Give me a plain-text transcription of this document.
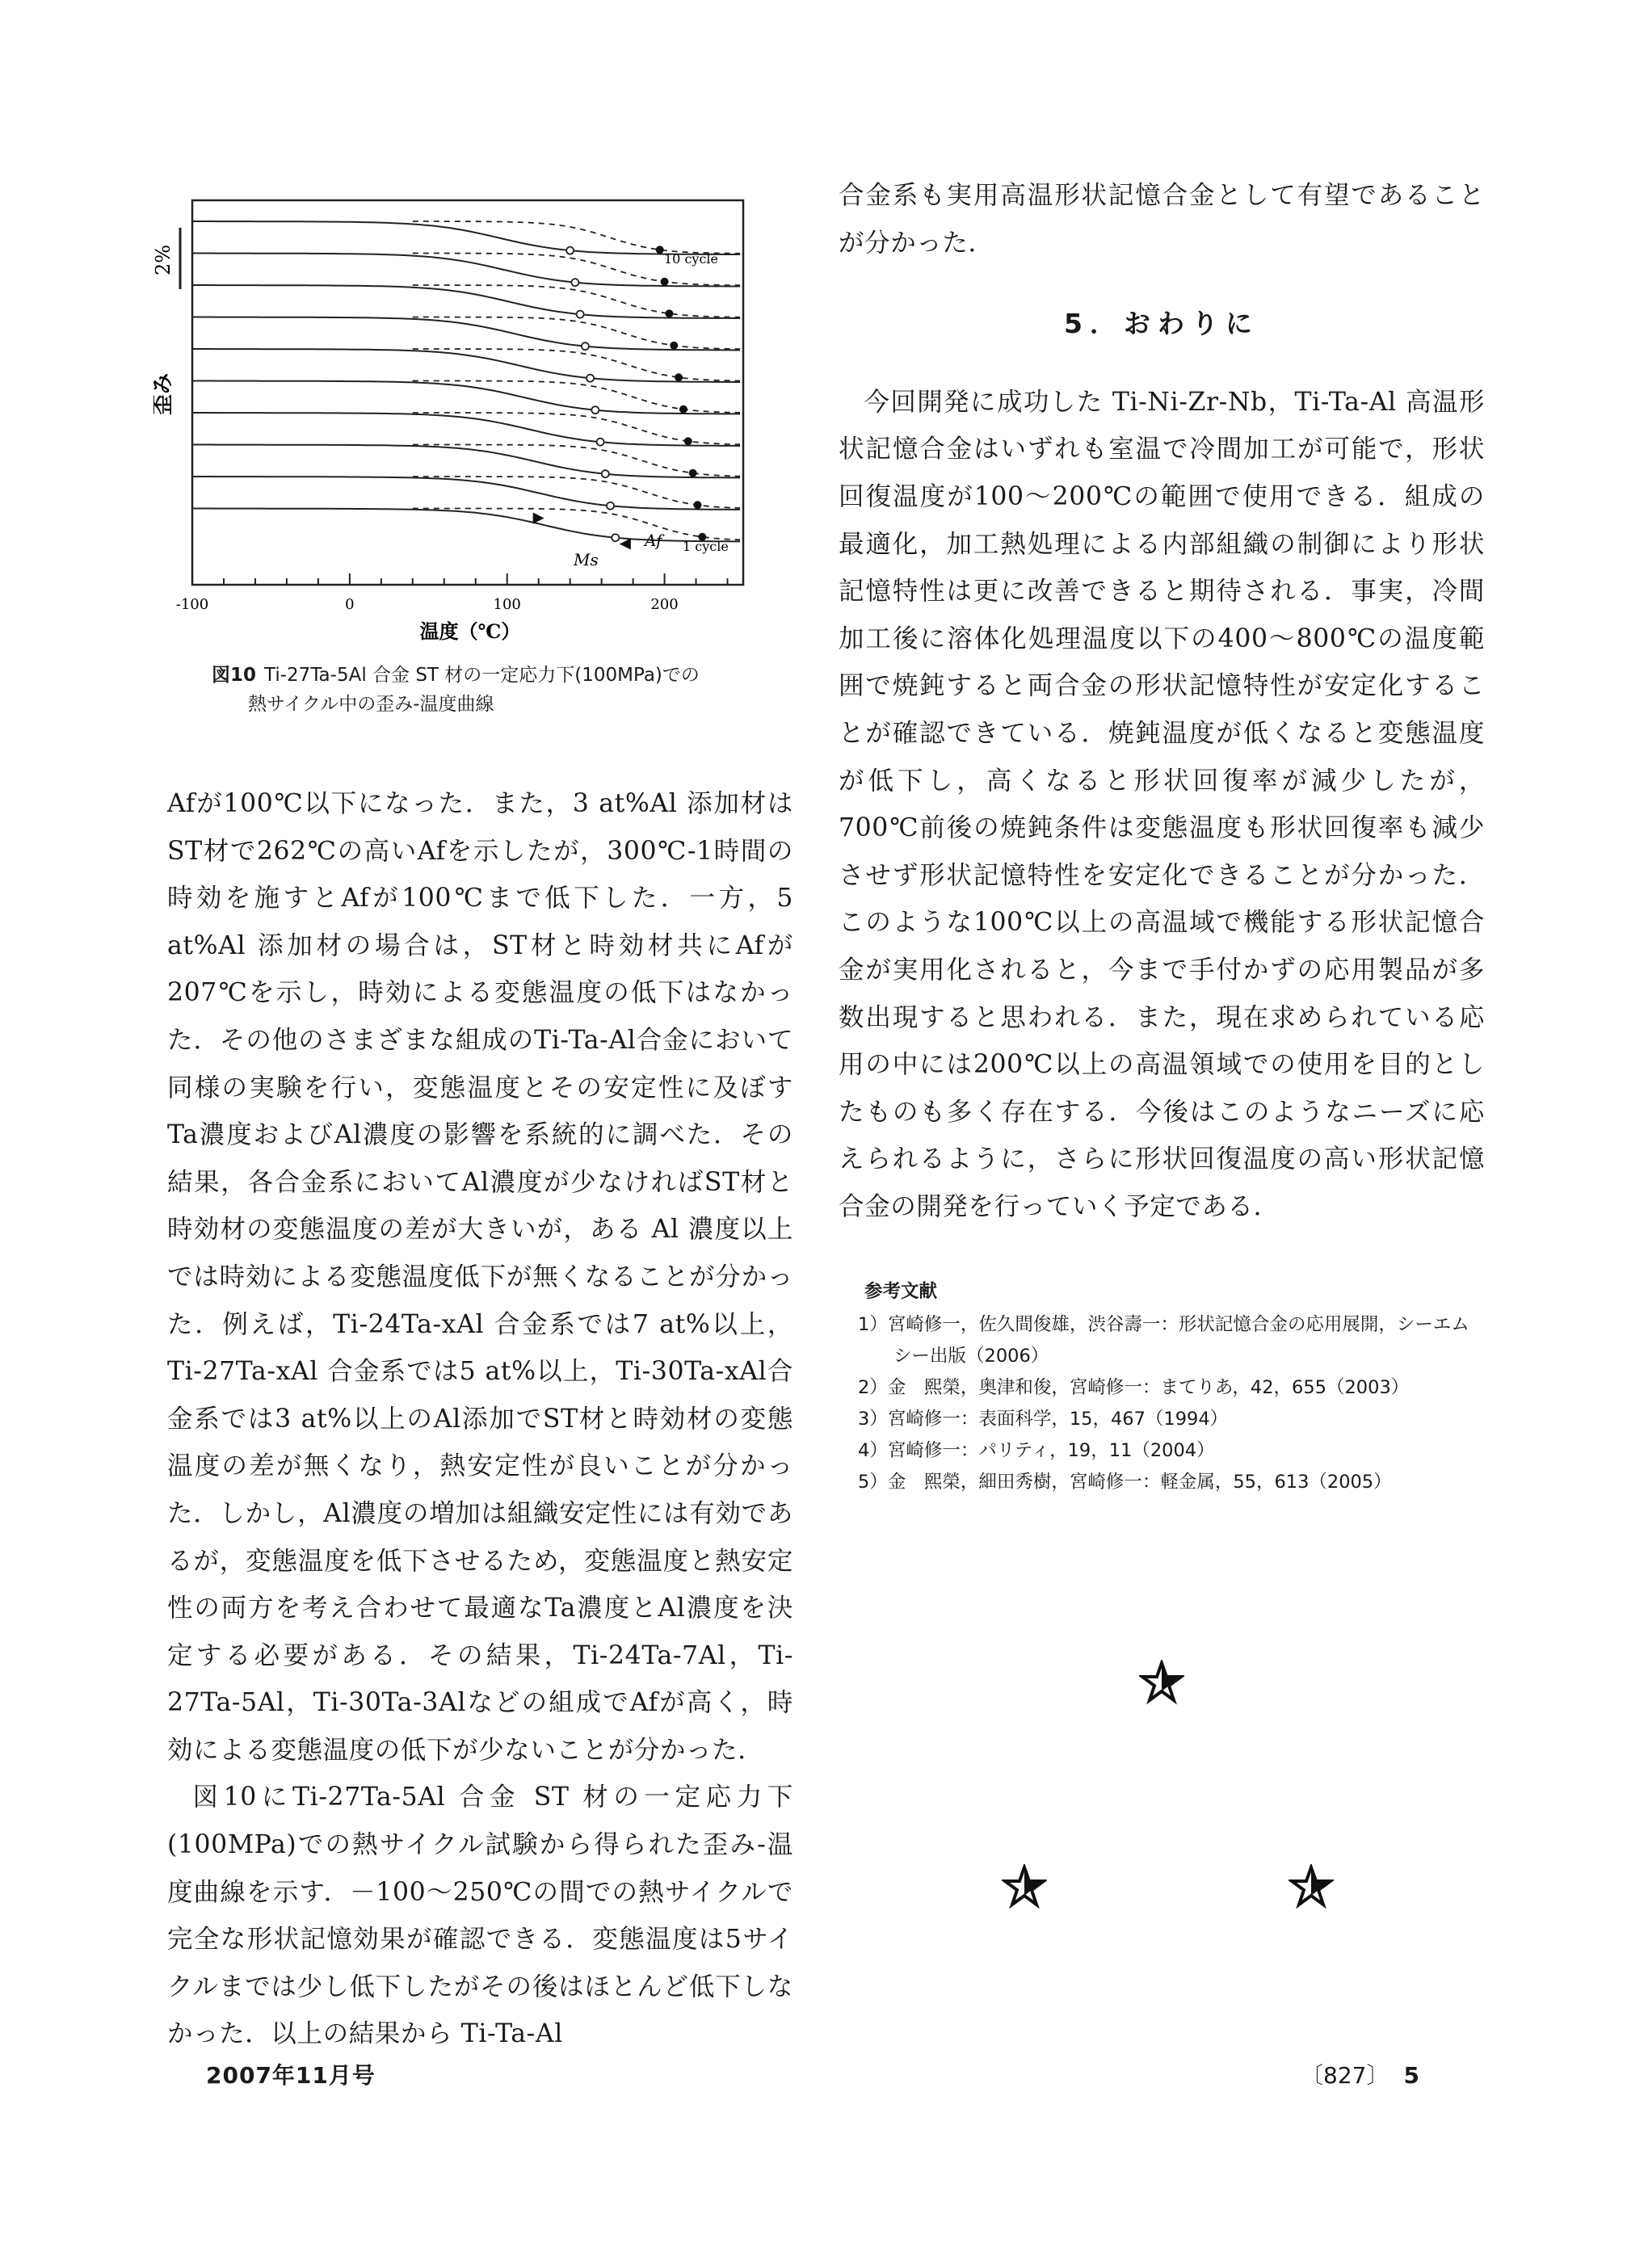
2%
歪み
-100	0	100	200
10 cycle
1 cycle
Af
Ms
温度（℃）
図10 Ti-27Ta-5Al 合金 ST 材の一定応力下(100MPa)での
熱サイクル中の歪み-温度曲線

Afが100℃以下になった．また，3 at%Al 添加材はST材で262℃の高いAfを示したが，300℃-1時間の時効を施すとAfが100℃まで低下した．一方，5 at%Al 添加材の場合は，ST材と時効材共にAfが207℃を示し，時効による変態温度の低下はなかった．その他のさまざまな組成のTi-Ta-Al合金において同様の実験を行い，変態温度とその安定性に及ぼすTa濃度およびAl濃度の影響を系統的に調べた．その結果，各合金系においてAl濃度が少なければST材と時効材の変態温度の差が大きいが，ある Al 濃度以上では時効による変態温度低下が無くなることが分かった．例えば，Ti-24Ta-xAl 合金系では7 at%以上，Ti-27Ta-xAl 合金系では5 at%以上，Ti-30Ta-xAl合金系では3 at%以上のAl添加でST材と時効材の変態温度の差が無くなり，熱安定性が良いことが分かった．しかし，Al濃度の増加は組織安定性には有効であるが，変態温度を低下させるため，変態温度と熱安定性の両方を考え合わせて最適なTa濃度とAl濃度を決定する必要がある．その結果，Ti-24Ta-7Al，Ti-27Ta-5Al，Ti-30Ta-3Alなどの組成でAfが高く，時効による変態温度の低下が少ないことが分かった．

図10にTi-27Ta-5Al 合金 ST 材の一定応力下(100MPa)での熱サイクル試験から得られた歪み-温度曲線を示す．－100～250℃の間での熱サイクルで完全な形状記憶効果が確認できる．変態温度は5サイクルまでは少し低下したがその後はほとんど低下しなかった．以上の結果から Ti-Ta-Al

合金系も実用高温形状記憶合金として有望であることが分かった．

5．おわりに

今回開発に成功した Ti-Ni-Zr-Nb，Ti-Ta-Al 高温形状記憶合金はいずれも室温で冷間加工が可能で，形状回復温度が100～200℃の範囲で使用できる．組成の最適化，加工熱処理による内部組織の制御により形状記憶特性は更に改善できると期待される．事実，冷間加工後に溶体化処理温度以下の400～800℃の温度範囲で焼鈍すると両合金の形状記憶特性が安定化することが確認できている．焼鈍温度が低くなると変態温度が低下し，高くなると形状回復率が減少したが，700℃前後の焼鈍条件は変態温度も形状回復率も減少させず形状記憶特性を安定化できることが分かった．このような100℃以上の高温域で機能する形状記憶合金が実用化されると，今まで手付かずの応用製品が多数出現すると思われる．また，現在求められている応用の中には200℃以上の高温領域での使用を目的としたものも多く存在する．今後はこのようなニーズに応えられるように，さらに形状回復温度の高い形状記憶合金の開発を行っていく予定である．

参考文献
1）宮崎修一，佐久間俊雄，渋谷壽一：形状記憶合金の応用展開，シーエムシー出版（2006）
2）金　熙榮，奥津和俊，宮崎修一：まてりあ，42，655（2003）
3）宮崎修一：表面科学，15，467（1994）
4）宮崎修一：パリティ，19，11（2004）
5）金　熙榮，細田秀樹，宮崎修一：軽金属，55，613（2005）
2007年11月号	〔827〕 5
